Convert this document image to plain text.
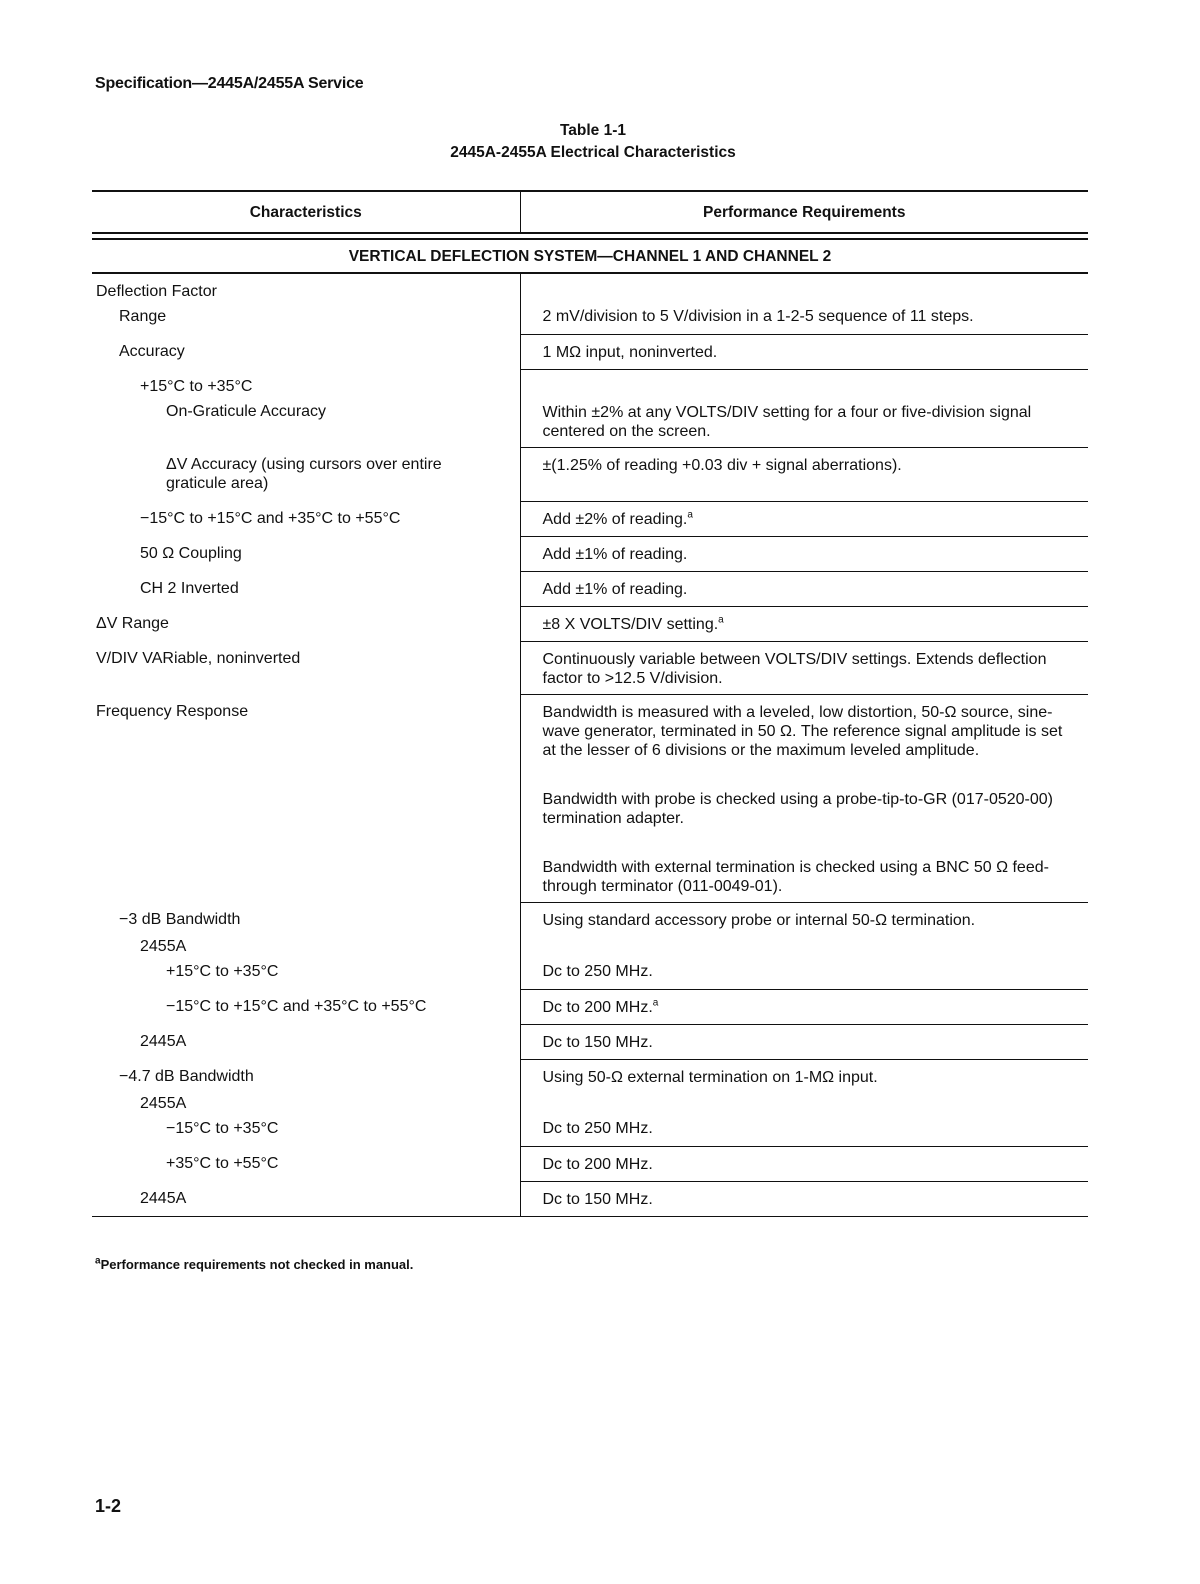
Specification—2445A/2455A Service
Table 1-1
2445A-2455A Electrical Characteristics
Characteristics	Performance Requirements

VERTICAL DEFLECTION SYSTEM—CHANNEL 1 AND CHANNEL 2	

Deflection Factor
Range	2 mV/division to 5 V/division in a 1-2-5 sequence of 11 steps.

Accuracy	1 MΩ input, noninverted.

+15°C to +35°C
On-Graticule Accuracy	Within ±2% at any VOLTS/DIV setting for a four or five-division signal centered on the screen.

ΔV Accuracy (using cursors over entire graticule area)	±(1.25% of reading +0.03 div + signal aberrations).

−15°C to +15°C and +35°C to +55°C	Add ±2% of reading.$^a$

50 Ω Coupling	Add ±1% of reading.

CH 2 Inverted	Add ±1% of reading.

ΔV Range	±8 X VOLTS/DIV setting.$^a$

V/DIV VARiable, noninverted	Continuously variable between VOLTS/DIV settings. Extends deflection factor to >12.5 V/division.

Frequency Response	Bandwidth is measured with a leveled, low distortion, 50-Ω source, sine-wave generator, terminated in 50 Ω. The reference signal amplitude is set at the lesser of 6 divisions or the maximum leveled amplitude.
Bandwidth with probe is checked using a probe-tip-to-GR (017-0520-00) termination adapter.
Bandwidth with external termination is checked using a BNC 50 Ω feed-through terminator (011-0049-01).

−3 dB Bandwidth	Using standard accessory probe or internal 50-Ω termination.

2455A
+15°C to +35°C	Dc to 250 MHz.

−15°C to +15°C and +35°C to +55°C	Dc to 200 MHz.$^a$

2445A	Dc to 150 MHz.

−4.7 dB Bandwidth	Using 50-Ω external termination on 1-MΩ input.

2455A
−15°C to +35°C	Dc to 250 MHz.

+35°C to +55°C	Dc to 200 MHz.

2445A	Dc to 150 MHz.
$^a$Performance requirements not checked in manual.
1-2
